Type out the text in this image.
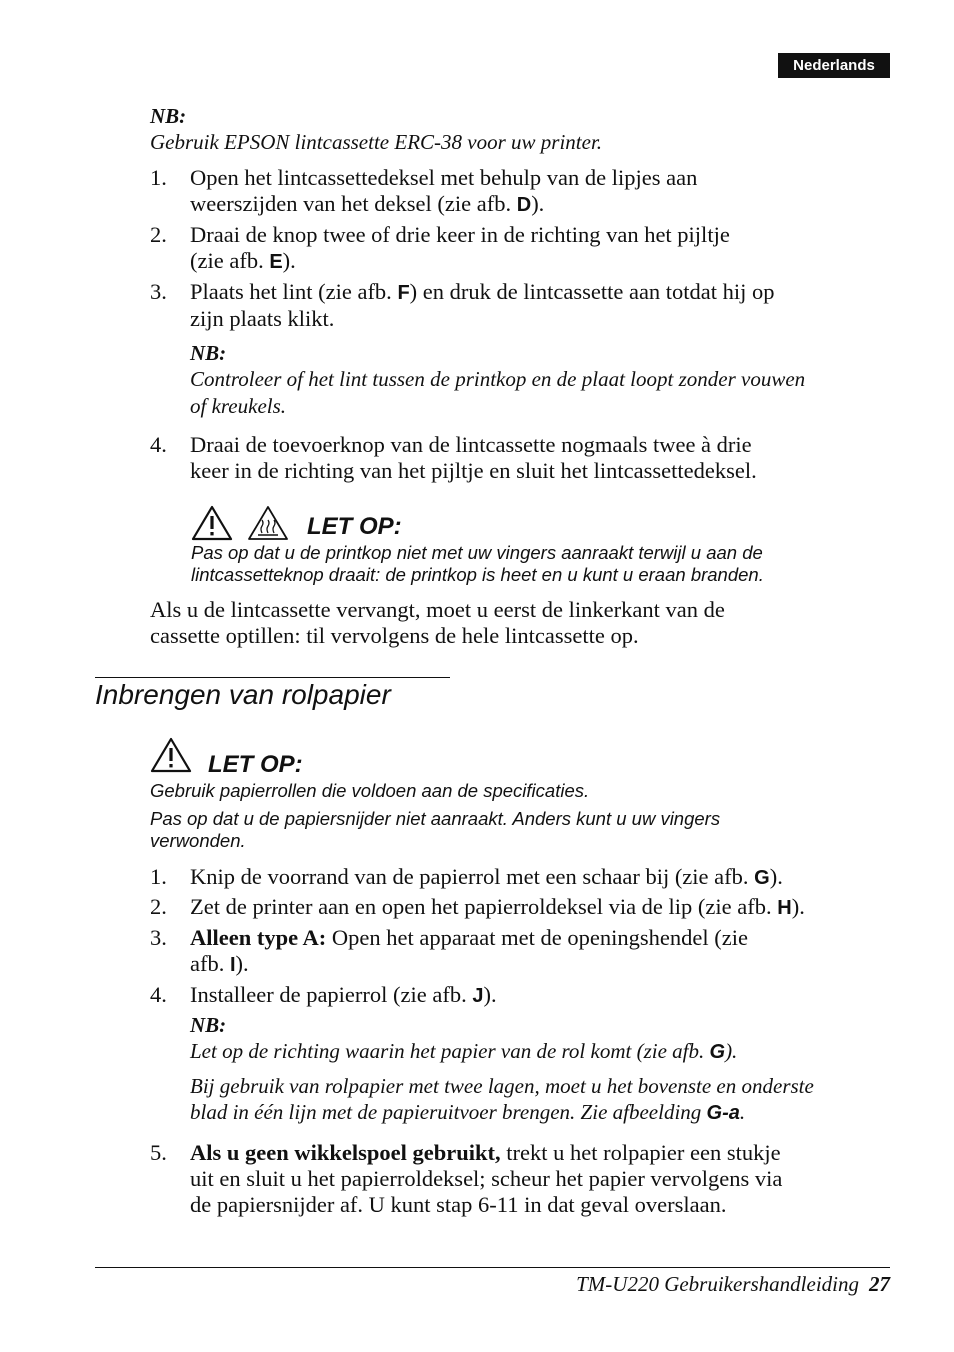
Nederlands
NB:
Gebruik EPSON lintcassette ERC-38 voor uw printer.
1. Open het lintcassettedeksel met behulp van de lipjes aan
weerszijden van het deksel (zie afb. D).
2. Draai de knop twee of drie keer in de richting van het pijltje
(zie afb. E).
3. Plaats het lint (zie afb. F) en druk de lintcassette aan totdat hij op
zijn plaats klikt.
NB:
Controleer of het lint tussen de printkop en de plaat loopt zonder vouwen
of kreukels.
4. Draai de toevoerknop van de lintcassette nogmaals twee à drie
keer in de richting van het pijltje en sluit het lintcassettedeksel.
LET OP:
Pas op dat u de printkop niet met uw vingers aanraakt terwijl u aan de
lintcassetteknop draait: de printkop is heet en u kunt u eraan branden.
Als u de lintcassette vervangt, moet u eerst de linkerkant van de
cassette optillen: til vervolgens de hele lintcassette op.
Inbrengen van rolpapier
LET OP:
Gebruik papierrollen die voldoen aan de specificaties.
Pas op dat u de papiersnijder niet aanraakt. Anders kunt u uw vingers
verwonden.
1. Knip de voorrand van de papierrol met een schaar bij (zie afb. G).
2. Zet de printer aan en open het papierroldeksel via de lip (zie afb. H).
3. Alleen type A: Open het apparaat met de openingshendel (zie
afb. I).
4. Installeer de papierrol (zie afb. J).
NB:
Let op de richting waarin het papier van de rol komt (zie afb. G).
Bij gebruik van rolpapier met twee lagen, moet u het bovenste en onderste
blad in één lijn met de papieruitvoer brengen. Zie afbeelding G-a.
5. Als u geen wikkelspoel gebruikt, trekt u het rolpapier een stukje
uit en sluit u het papierroldeksel; scheur het papier vervolgens via
de papiersnijder af. U kunt stap 6-11 in dat geval overslaan.
TM-U220 Gebruikershandleiding 27
